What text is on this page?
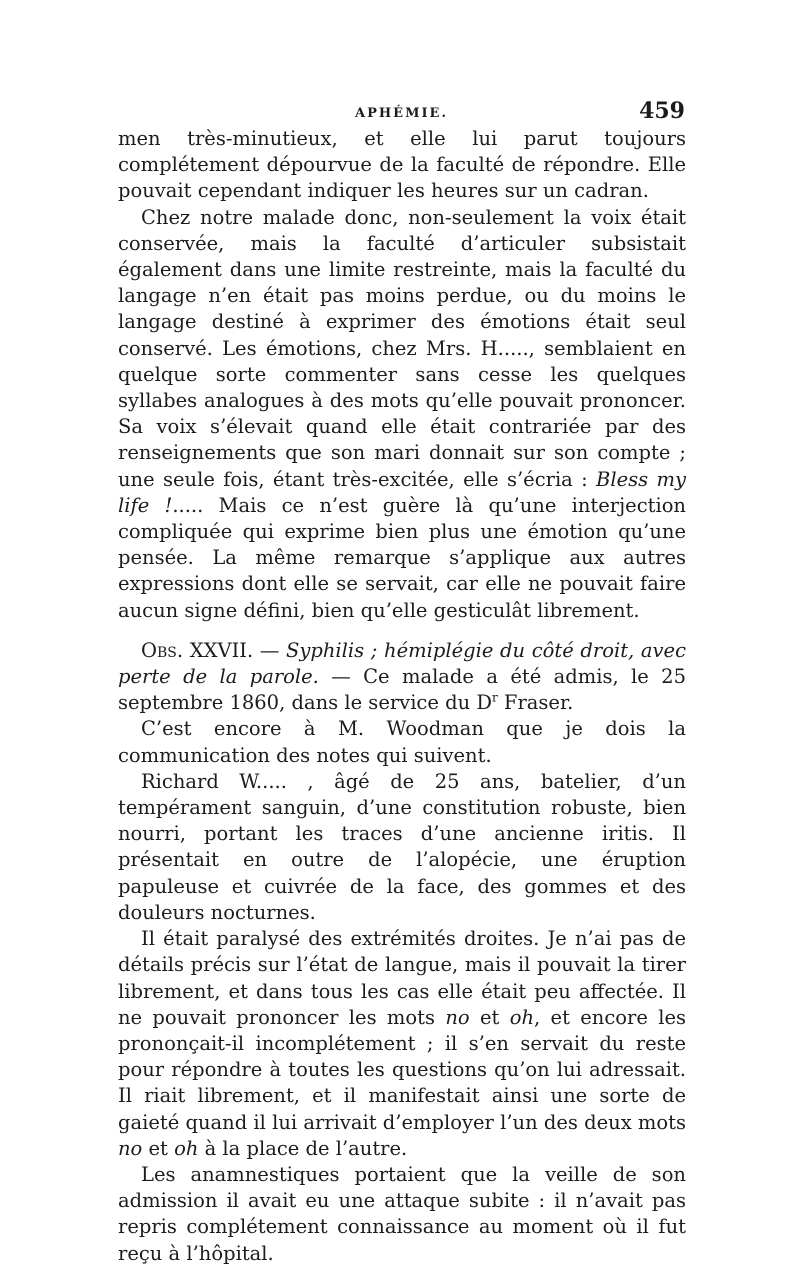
APHÉMIE.	459

men très-minutieux, et elle lui parut toujours complétement dépourvue de la faculté de répondre. Elle pouvait cependant indiquer les heures sur un cadran.

Chez notre malade donc, non-seulement la voix était conservée, mais la faculté d’articuler subsistait également dans une limite restreinte, mais la faculté du langage n’en était pas moins perdue, ou du moins le langage destiné à exprimer des émotions était seul conservé. Les émotions, chez Mrs. H....., semblaient en quelque sorte commenter sans cesse les quelques syllabes analogues à des mots qu’elle pouvait prononcer. Sa voix s’élevait quand elle était contrariée par des renseignements que son mari donnait sur son compte ; une seule fois, étant très-excitée, elle s’écria : Bless my life !..... Mais ce n’est guère là qu’une interjection compliquée qui exprime bien plus une émotion qu’une pensée. La même remarque s’applique aux autres expressions dont elle se servait, car elle ne pouvait faire aucun signe défini, bien qu’elle gesticulât librement.

Obs. XXVII. — Syphilis ; hémiplégie du côté droit, avec perte de la parole. — Ce malade a été admis, le 25 septembre 1860, dans le service du $D^r$ Fraser.

C’est encore à M. Woodman que je dois la communication des notes qui suivent.

Richard W..... , âgé de 25 ans, batelier, d’un tempérament sanguin, d’une constitution robuste, bien nourri, portant les traces d’une ancienne iritis. Il présentait en outre de l’alopécie, une éruption papuleuse et cuivrée de la face, des gommes et des douleurs nocturnes.

Il était paralysé des extrémités droites. Je n’ai pas de détails précis sur l’état de langue, mais il pouvait la tirer librement, et dans tous les cas elle était peu affectée. Il ne pouvait prononcer les mots no et oh, et encore les prononçait-il incomplétement ; il s’en servait du reste pour répondre à toutes les questions qu’on lui adressait. Il riait librement, et il manifestait ainsi une sorte de gaieté quand il lui arrivait d’employer l’un des deux mots no et oh à la place de l’autre.

Les anamnestiques portaient que la veille de son admission il avait eu une attaque subite : il n’avait pas repris complétement connaissance au moment où il fut reçu à l’hôpital.
